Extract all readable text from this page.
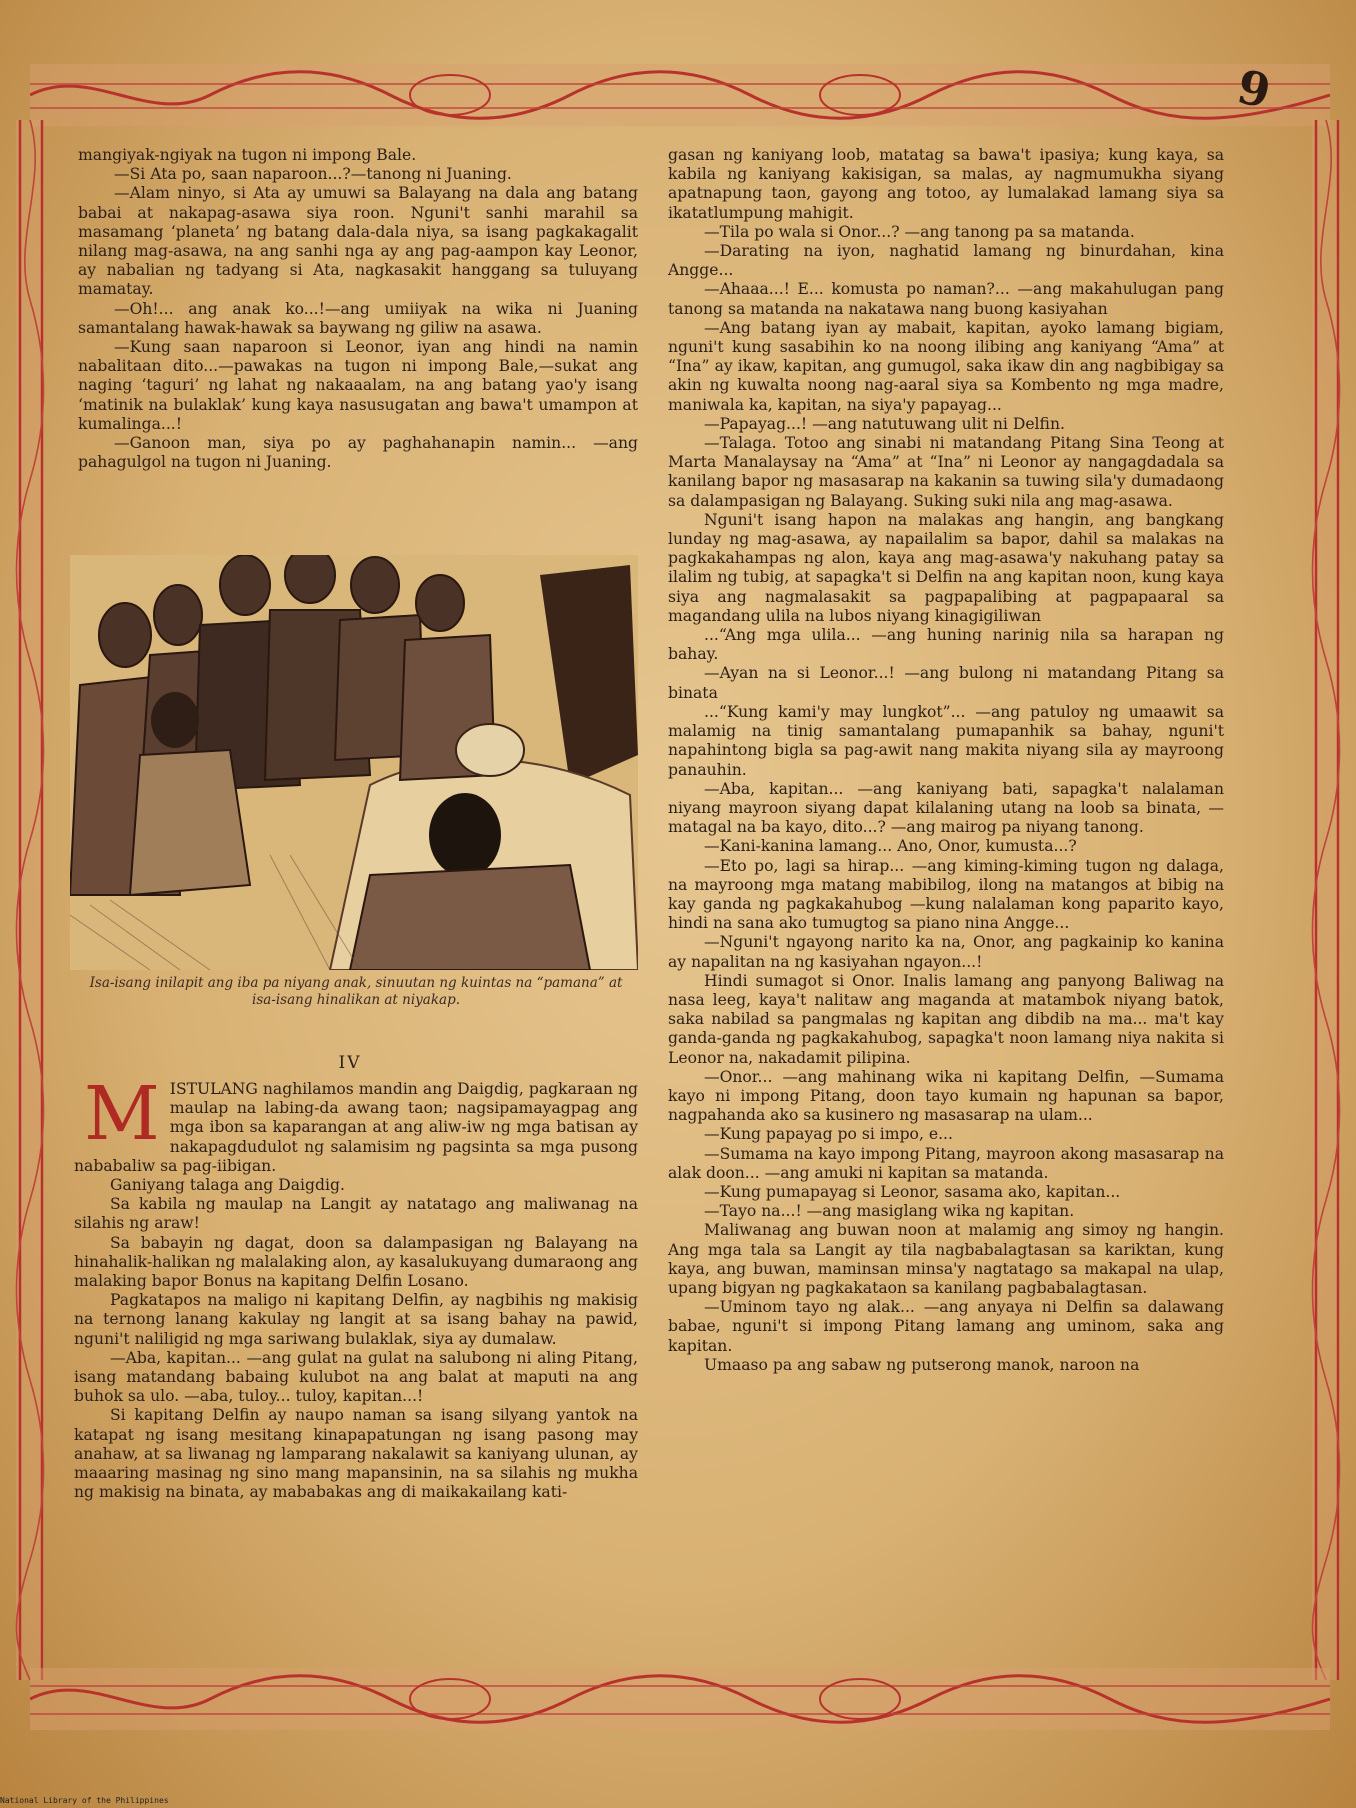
9

mangiyak-ngiyak na tugon ni impong Bale.

—Si Ata po, saan naparoon...?—tanong ni Juaning.

—Alam ninyo, si Ata ay umuwi sa Balayang na dala ang batang babai at nakapag-asawa siya roon. Nguni't sanhi marahil sa masamang ‘planeta’ ng batang dala-dala niya, sa isang pagkakagalit nilang mag-asawa, na ang sanhi nga ay ang pag-aampon kay Leonor, ay nabalian ng tadyang si Ata, nagkasakit hanggang sa tuluyang mamatay.

—Oh!... ang anak ko...!—ang umiiyak na wika ni Juaning samantalang hawak-hawak sa baywang ng giliw na asawa.

—Kung saan naparoon si Leonor, iyan ang hindi na namin nabalitaan dito...—pawakas na tugon ni impong Bale,—sukat ang naging ‘taguri’ ng lahat ng nakaaalam, na ang batang yao'y isang ‘matinik na bulaklak’ kung kaya nasusugatan ang bawa't umampon at kumalinga...!

—Ganoon man, siya po ay paghahanapin namin... —ang pahagulgol na tugon ni Juaning.

Isa-isang inilapit ang iba pa niyang anak, sinuutan ng kuintas na “pamana” at isa-isang hinalikan at niyakap.
IV
M ISTULANG naghilamos mandin ang Daigdig, pagkaraan ng maulap na labing-da awang taon; nagsipamayagpag ang mga ibon sa kaparangan at ang aliw-iw ng mga batisan ay nakapagdudulot ng salamisim ng pagsinta sa mga pusong nababaliw sa pag-iibigan.

Ganiyang talaga ang Daigdig.

Sa kabila ng maulap na Langit ay natatago ang maliwanag na silahis ng araw!

Sa babayin ng dagat, doon sa dalampasigan ng Balayang na hinahalik-halikan ng malalaking alon, ay kasalukuyang dumaraong ang malaking bapor Bonus na kapitang Delfin Losano.

Pagkatapos na maligo ni kapitang Delfin, ay nagbihis ng makisig na ternong lanang kakulay ng langit at sa isang bahay na pawid, nguni't naliligid ng mga sariwang bulaklak, siya ay dumalaw.

—Aba, kapitan... —ang gulat na gulat na salubong ni aling Pitang, isang matandang babaing kulubot na ang balat at maputi na ang buhok sa ulo. —aba, tuloy... tuloy, kapitan...!

Si kapitang Delfin ay naupo naman sa isang silyang yantok na katapat ng isang mesitang kinapapatungan ng isang pasong may anahaw, at sa liwanag ng lamparang nakalawit sa kaniyang ulunan, ay maaaring masinag ng sino mang mapansinin, na sa silahis ng mukha ng makisig na binata, ay mababakas ang di maikakailang kati-

gasan ng kaniyang loob, matatag sa bawa't ipasiya; kung kaya, sa kabila ng kaniyang kakisigan, sa malas, ay nagmumukha siyang apatnapung taon, gayong ang totoo, ay lumalakad lamang siya sa ikatatlumpung mahigit.

—Tila po wala si Onor...? —ang tanong pa sa matanda.

—Darating na iyon, naghatid lamang ng binurdahan, kina Angge...

—Ahaaa...! E... komusta po naman?... —ang makahulugan pang tanong sa matanda na nakatawa nang buong kasiyahan

—Ang batang iyan ay mabait, kapitan, ayoko lamang bigiam, nguni't kung sasabihin ko na noong ilibing ang kaniyang “Ama” at “Ina” ay ikaw, kapitan, ang gumugol, saka ikaw din ang nagbibigay sa akin ng kuwalta noong nag-aaral siya sa Kombento ng mga madre, maniwala ka, kapitan, na siya'y papayag...

—Papayag...! —ang natutuwang ulit ni Delfin.

—Talaga. Totoo ang sinabi ni matandang Pitang Sina Teong at Marta Manalaysay na “Ama” at “Ina” ni Leonor ay nangagdadala sa kanilang bapor ng masasarap na kakanin sa tuwing sila'y dumadaong sa dalampasigan ng Balayang. Suking suki nila ang mag-asawa.

Nguni't isang hapon na malakas ang hangin, ang bangkang lunday ng mag-asawa, ay napailalim sa bapor, dahil sa malakas na pagkakahampas ng alon, kaya ang mag-asawa'y nakuhang patay sa ilalim ng tubig, at sapagka't si Delfin na ang kapitan noon, kung kaya siya ang nagmalasakit sa pagpapalibing at pagpapaaral sa magandang ulila na lubos niyang kinagigiliwan

...“Ang mga ulila... —ang huning narinig nila sa harapan ng bahay.

—Ayan na si Leonor...! —ang bulong ni matandang Pitang sa binata

...“Kung kami'y may lungkot”... —ang patuloy ng umaawit sa malamig na tinig samantalang pumapanhik sa bahay, nguni't napahintong bigla sa pag-awit nang makita niyang sila ay mayroong panauhin.

—Aba, kapitan... —ang kaniyang bati, sapagka't nalalaman niyang mayroon siyang dapat kilalaning utang na loob sa binata, —matagal na ba kayo, dito...? —ang mairog pa niyang tanong.

—Kani-kanina lamang... Ano, Onor, kumusta...?

—Eto po, lagi sa hirap... —ang kiming-kiming tugon ng dalaga, na mayroong mga matang mabibilog, ilong na matangos at bibig na kay ganda ng pagkakahubog —kung nalalaman kong paparito kayo, hindi na sana ako tumugtog sa piano nina Angge...

—Nguni't ngayong narito ka na, Onor, ang pagkainip ko kanina ay napalitan na ng kasiyahan ngayon...!

Hindi sumagot si Onor. Inalis lamang ang panyong Baliwag na nasa leeg, kaya't nalitaw ang maganda at matambok niyang batok, saka nabilad sa pangmalas ng kapitan ang dibdib na ma... ma't kay ganda-ganda ng pagkakahubog, sapagka't noon lamang niya nakita si Leonor na, nakadamit pilipina.

—Onor... —ang mahinang wika ni kapitang Delfin, —Sumama kayo ni impong Pitang, doon tayo kumain ng hapunan sa bapor, nagpahanda ako sa kusinero ng masasarap na ulam...

—Kung papayag po si impo, e...

—Sumama na kayo impong Pitang, mayroon akong masasarap na alak doon... —ang amuki ni kapitan sa matanda.

—Kung pumapayag si Leonor, sasama ako, kapitan...

—Tayo na...! —ang masiglang wika ng kapitan.

Maliwanag ang buwan noon at malamig ang simoy ng hangin. Ang mga tala sa Langit ay tila nagbabalagtasan sa kariktan, kung kaya, ang buwan, maminsan minsa'y nagtatago sa makapal na ulap, upang bigyan ng pagkakataon sa kanilang pagbabalagtasan.

—Uminom tayo ng alak... —ang anyaya ni Delfin sa dalawang babae, nguni't si impong Pitang lamang ang uminom, saka ang kapitan.

Umaaso pa ang sabaw ng putserong manok, naroon na

National Library of the Philippines
